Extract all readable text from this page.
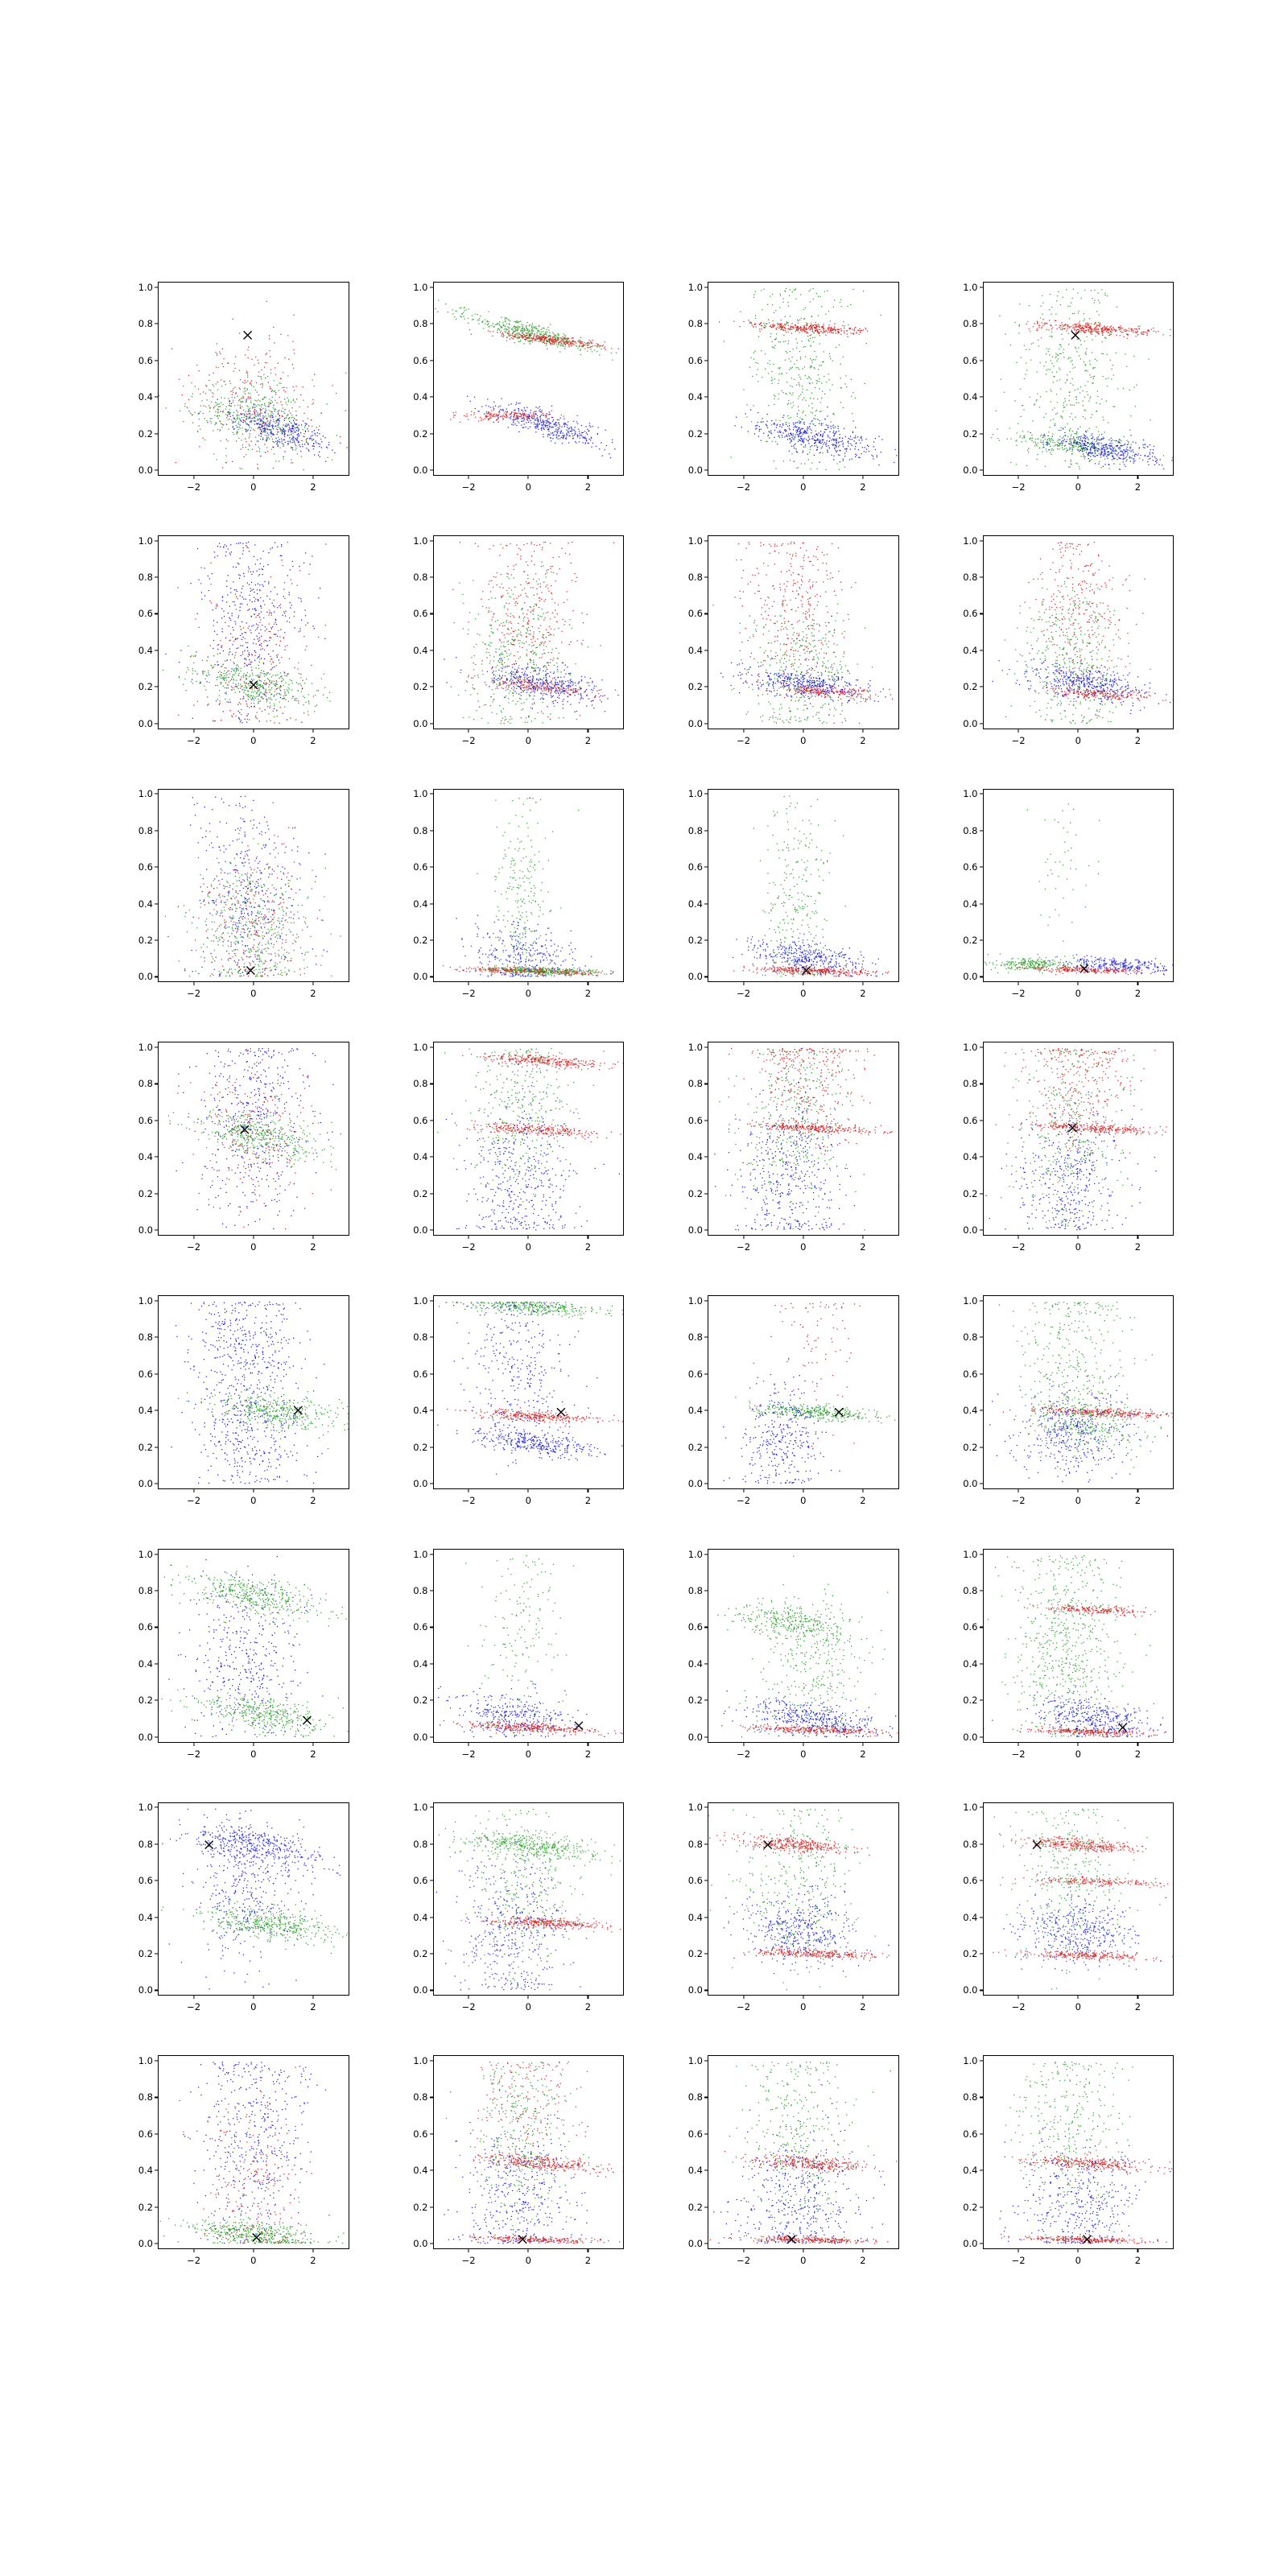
0.0
0.2
0.4
0.6
0.8
1.0
−2	0	2
0.0
0.2
0.4
0.6
0.8
1.0
−2	0	2
0.0
0.2
0.4
0.6
0.8
1.0
−2	0	2
0.0
0.2
0.4
0.6
0.8
1.0
−2	0	2
0.0
0.2
0.4
0.6
0.8
1.0
−2	0	2
0.0
0.2
0.4
0.6
0.8
1.0
−2	0	2
0.0
0.2
0.4
0.6
0.8
1.0
−2	0	2
0.0
0.2
0.4
0.6
0.8
1.0
−2	0	2
0.0
0.2
0.4
0.6
0.8
1.0
−2	0	2
0.0
0.2
0.4
0.6
0.8
1.0
−2	0	2
0.0
0.2
0.4
0.6
0.8
1.0
−2	0	2
0.0
0.2
0.4
0.6
0.8
1.0
−2	0	2
0.0
0.2
0.4
0.6
0.8
1.0
−2	0	2
0.0
0.2
0.4
0.6
0.8
1.0
−2	0	2
0.0
0.2
0.4
0.6
0.8
1.0
−2	0	2
0.0
0.2
0.4
0.6
0.8
1.0
−2	0	2
0.0
0.2
0.4
0.6
0.8
1.0
−2	0	2
0.0
0.2
0.4
0.6
0.8
1.0
−2	0	2
0.0
0.2
0.4
0.6
0.8
1.0
−2	0	2
0.0
0.2
0.4
0.6
0.8
1.0
−2	0	2
0.0
0.2
0.4
0.6
0.8
1.0
−2	0	2
0.0
0.2
0.4
0.6
0.8
1.0
−2	0	2
0.0
0.2
0.4
0.6
0.8
1.0
−2	0	2
0.0
0.2
0.4
0.6
0.8
1.0
−2	0	2
0.0
0.2
0.4
0.6
0.8
1.0
−2	0	2
0.0
0.2
0.4
0.6
0.8
1.0
−2	0	2
0.0
0.2
0.4
0.6
0.8
1.0
−2	0	2
0.0
0.2
0.4
0.6
0.8
1.0
−2	0	2
0.0
0.2
0.4
0.6
0.8
1.0
−2	0	2
0.0
0.2
0.4
0.6
0.8
1.0
−2	0	2
0.0
0.2
0.4
0.6
0.8
1.0
−2	0	2
0.0
0.2
0.4
0.6
0.8
1.0
−2	0	2
